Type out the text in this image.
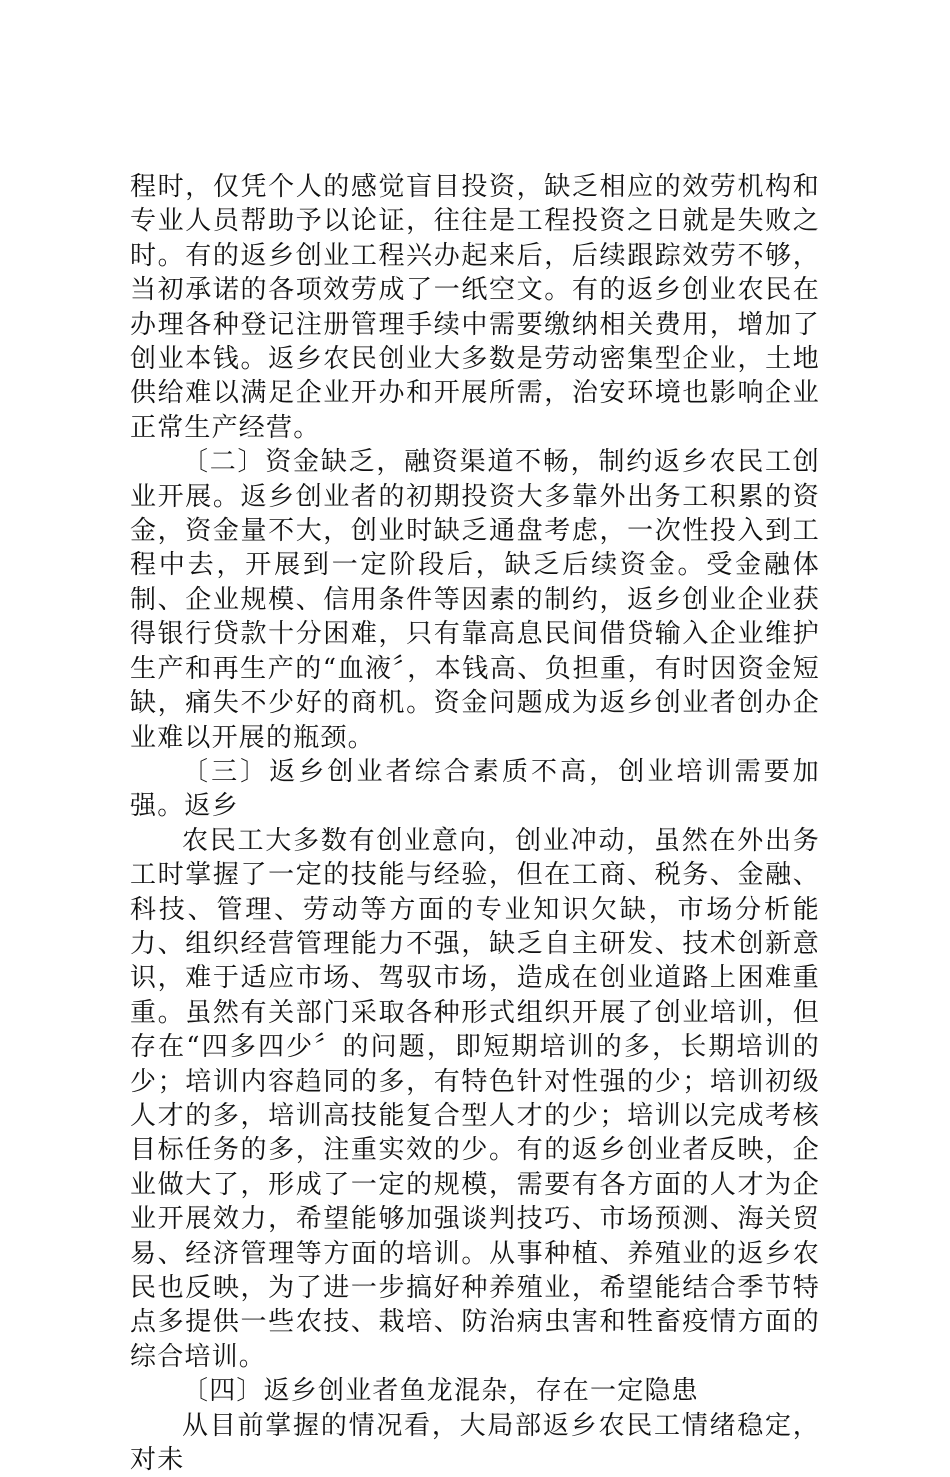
程时，仅凭个人的感觉盲目投资，缺乏相应的效劳机构和专业人员帮助予以论证，往往是工程投资之日就是失败之时。有的返乡创业工程兴办起来后，后续跟踪效劳不够，当初承诺的各项效劳成了一纸空文。有的返乡创业农民在办理各种登记注册管理手续中需要缴纳相关费用，增加了创业本钱。返乡农民创业大多数是劳动密集型企业，土地供给难以满足企业开办和开展所需，治安环境也影响企业正常生产经营。

〔二〕资金缺乏，融资渠道不畅，制约返乡农民工创业开展。返乡创业者的初期投资大多靠外出务工积累的资金，资金量不大，创业时缺乏通盘考虑，一次性投入到工程中去，开展到一定阶段后，缺乏后续资金。受金融体制、企业规模、信用条件等因素的制约，返乡创业企业获得银行贷款十分困难，只有靠高息民间借贷输入企业维护生产和再生产的“血液〞，本钱高、负担重，有时因资金短缺，痛失不少好的商机。资金问题成为返乡创业者创办企业难以开展的瓶颈。

〔三〕返乡创业者综合素质不高，创业培训需要加强。返乡

农民工大多数有创业意向，创业冲动，虽然在外出务工时掌握了一定的技能与经验，但在工商、税务、金融、科技、管理、劳动等方面的专业知识欠缺，市场分析能力、组织经营管理能力不强，缺乏自主研发、技术创新意识，难于适应市场、驾驭市场，造成在创业道路上困难重重。虽然有关部门采取各种形式组织开展了创业培训，但存在“四多四少〞的问题，即短期培训的多，长期培训的少；培训内容趋同的多，有特色针对性强的少；培训初级人才的多，培训高技能复合型人才的少；培训以完成考核目标任务的多，注重实效的少。有的返乡创业者反映，企业做大了，形成了一定的规模，需要有各方面的人才为企业开展效力，希望能够加强谈判技巧、市场预测、海关贸易、经济管理等方面的培训。从事种植、养殖业的返乡农民也反映，为了进一步搞好种养殖业，希望能结合季节特点多提供一些农技、栽培、防治病虫害和牲畜疫情方面的综合培训。

〔四〕返乡创业者鱼龙混杂，存在一定隐患

从目前掌握的情况看，大局部返乡农民工情绪稳定，对未
